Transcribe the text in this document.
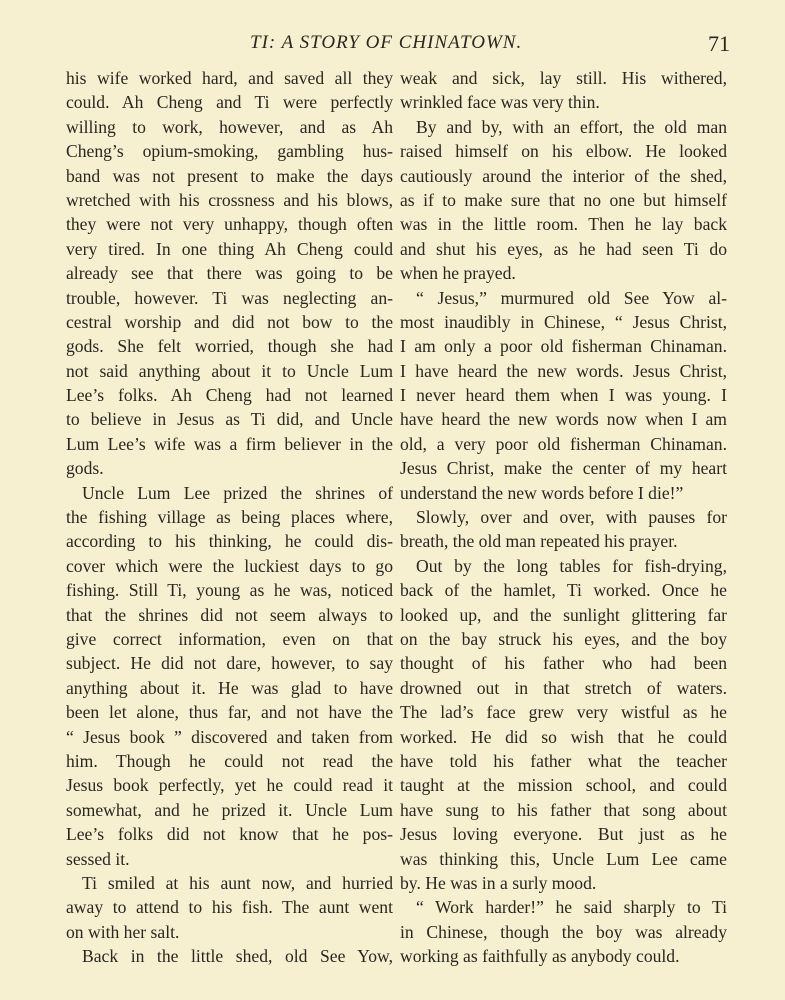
TI: A STORY OF CHINATOWN.	71
his wife worked hard, and saved all they
could. Ah Cheng and Ti were perfectly
willing to work, however, and as Ah
Cheng’s opium-smoking, gambling hus-
band was not present to make the days
wretched with his crossness and his blows,
they were not very unhappy, though often
very tired. In one thing Ah Cheng could
already see that there was going to be
trouble, however. Ti was neglecting an-
cestral worship and did not bow to the
gods. She felt worried, though she had
not said anything about it to Uncle Lum
Lee’s folks. Ah Cheng had not learned
to believe in Jesus as Ti did, and Uncle
Lum Lee’s wife was a firm believer in the
gods.
Uncle Lum Lee prized the shrines of
the fishing village as being places where,
according to his thinking, he could dis-
cover which were the luckiest days to go
fishing. Still Ti, young as he was, noticed
that the shrines did not seem always to
give correct information, even on that
subject. He did not dare, however, to say
anything about it. He was glad to have
been let alone, thus far, and not have the
“ Jesus book ” discovered and taken from
him. Though he could not read the
Jesus book perfectly, yet he could read it
somewhat, and he prized it. Uncle Lum
Lee’s folks did not know that he pos-
sessed it.
Ti smiled at his aunt now, and hurried
away to attend to his fish. The aunt went
on with her salt.
Back in the little shed, old See Yow,
weak and sick, lay still. His withered,
wrinkled face was very thin.
By and by, with an effort, the old man
raised himself on his elbow. He looked
cautiously around the interior of the shed,
as if to make sure that no one but himself
was in the little room. Then he lay back
and shut his eyes, as he had seen Ti do
when he prayed.
“ Jesus,” murmured old See Yow al-
most inaudibly in Chinese, “ Jesus Christ,
I am only a poor old fisherman Chinaman.
I have heard the new words. Jesus Christ,
I never heard them when I was young. I
have heard the new words now when I am
old, a very poor old fisherman Chinaman.
Jesus Christ, make the center of my heart
understand the new words before I die!”
Slowly, over and over, with pauses for
breath, the old man repeated his prayer.
Out by the long tables for fish-drying,
back of the hamlet, Ti worked. Once he
looked up, and the sunlight glittering far
on the bay struck his eyes, and the boy
thought of his father who had been
drowned out in that stretch of waters.
The lad’s face grew very wistful as he
worked. He did so wish that he could
have told his father what the teacher
taught at the mission school, and could
have sung to his father that song about
Jesus loving everyone. But just as he
was thinking this, Uncle Lum Lee came
by. He was in a surly mood.
“ Work harder!” he said sharply to Ti
in Chinese, though the boy was already
working as faithfully as anybody could.
